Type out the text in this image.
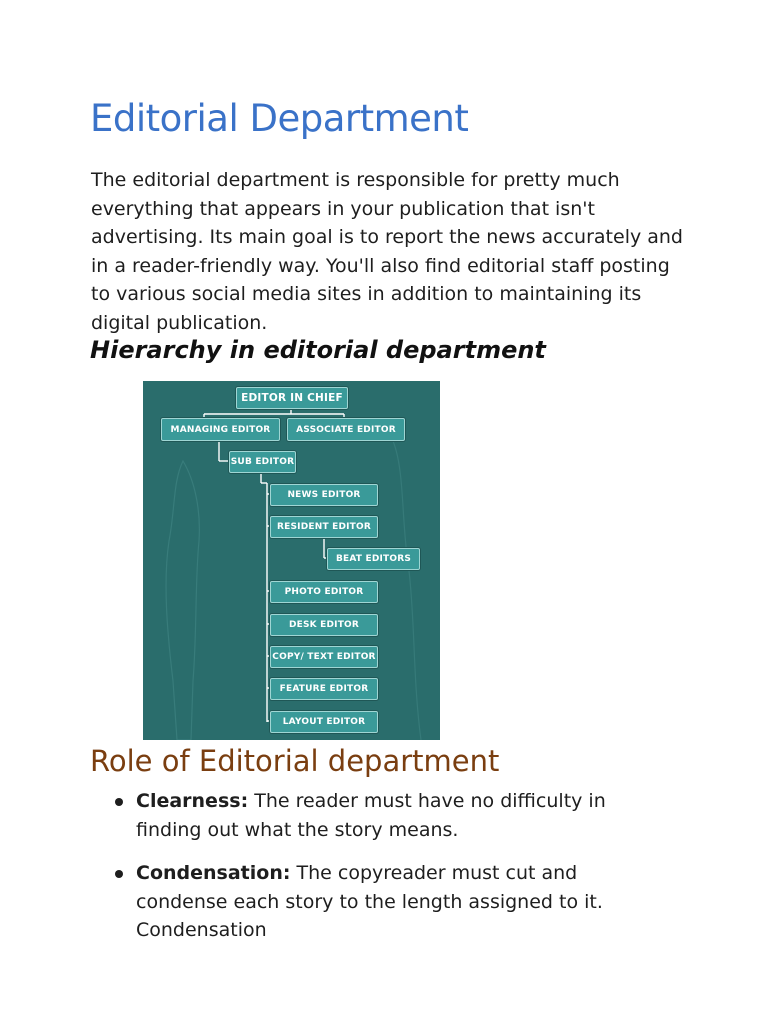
Editorial Department

The editorial department is responsible for pretty much everything that appears in your publication that isn't advertising. Its main goal is to report the news accurately and in a reader-friendly way. You'll also find editorial staff posting to various social media sites in addition to maintaining its digital publication.

Hierarchy in editorial department
EDITOR IN CHIEF
MANAGING EDITOR	ASSOCIATE EDITOR
SUB EDITOR
NEWS EDITOR
RESIDENT EDITOR
BEAT EDITORS
PHOTO EDITOR
DESK EDITOR
COPY/ TEXT EDITOR
FEATURE EDITOR
LAYOUT EDITOR
Role of Editorial department
Clearness: The reader must have no difficulty in finding out what the story means.
Condensation: The copyreader must cut and condense each story to the length assigned to it. Condensation
